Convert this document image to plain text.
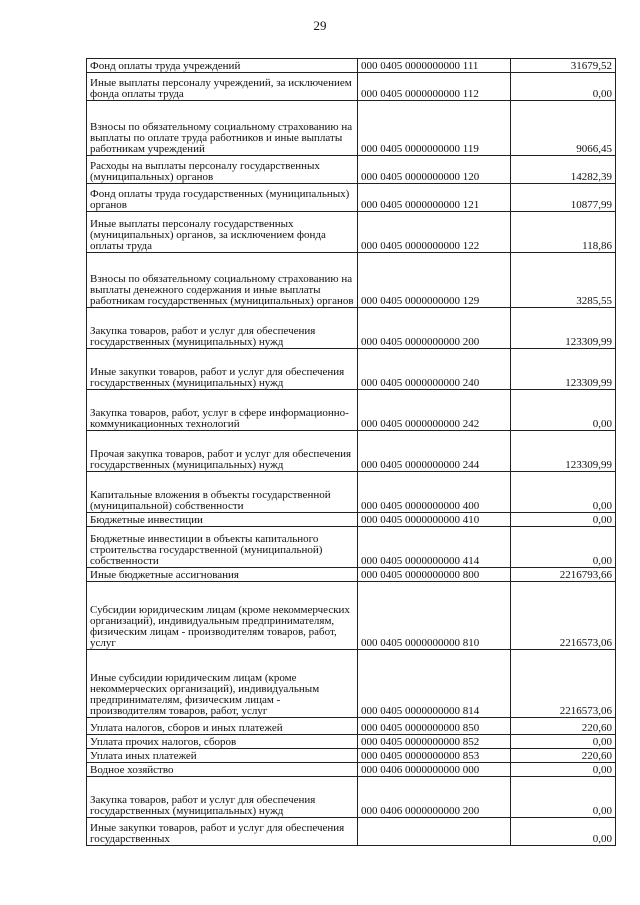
29
Фонд оплаты труда учреждений	000 0405 0000000000 111	31679,52
Иные выплаты персоналу учреждений, за исключением фонда оплаты труда	000 0405 0000000000 112	0,00
Взносы по обязательному социальному страхованию на выплаты по оплате труда работников и иные выплаты работникам учреждений	000 0405 0000000000 119	9066,45
Расходы на выплаты персоналу государственных (муниципальных) органов	000 0405 0000000000 120	14282,39
Фонд оплаты труда государственных (муниципальных) органов	000 0405 0000000000 121	10877,99
Иные выплаты персоналу государственных (муниципальных) органов, за исключением фонда оплаты труда	000 0405 0000000000 122	118,86
Взносы по обязательному социальному страхованию на выплаты денежного содержания и иные выплаты работникам государственных (муниципальных) органов	000 0405 0000000000 129	3285,55
Закупка товаров, работ и услуг для обеспечения государственных (муниципальных) нужд	000 0405 0000000000 200	123309,99
Иные закупки товаров, работ и услуг для обеспечения государственных (муниципальных) нужд	000 0405 0000000000 240	123309,99
Закупка товаров, работ, услуг в сфере информационно-коммуникационных технологий	000 0405 0000000000 242	0,00
Прочая закупка товаров, работ и услуг для обеспечения государственных (муниципальных) нужд	000 0405 0000000000 244	123309,99
Капитальные вложения в объекты государственной (муниципальной) собственности	000 0405 0000000000 400	0,00
Бюджетные инвестиции	000 0405 0000000000 410	0,00
Бюджетные инвестиции в объекты капитального строительства государственной (муниципальной) собственности	000 0405 0000000000 414	0,00
Иные бюджетные ассигнования	000 0405 0000000000 800	2216793,66
Субсидии юридическим лицам (кроме некоммерческих организаций), индивидуальным предпринимателям, физическим лицам - производителям товаров, работ, услуг	000 0405 0000000000 810	2216573,06
Иные субсидии юридическим лицам (кроме некоммерческих организаций), индивидуальным предпринимателям, физическим лицам - производителям товаров, работ, услуг	000 0405 0000000000 814	2216573,06
Уплата налогов, сборов и иных платежей	000 0405 0000000000 850	220,60
Уплата прочих налогов, сборов	000 0405 0000000000 852	0,00
Уплата иных платежей	000 0405 0000000000 853	220,60
Водное хозяйство	000 0406 0000000000 000	0,00
Закупка товаров, работ и услуг для обеспечения государственных (муниципальных) нужд	000 0406 0000000000 200	0,00
Иные закупки товаров, работ и услуг для обеспечения государственных		0,00
